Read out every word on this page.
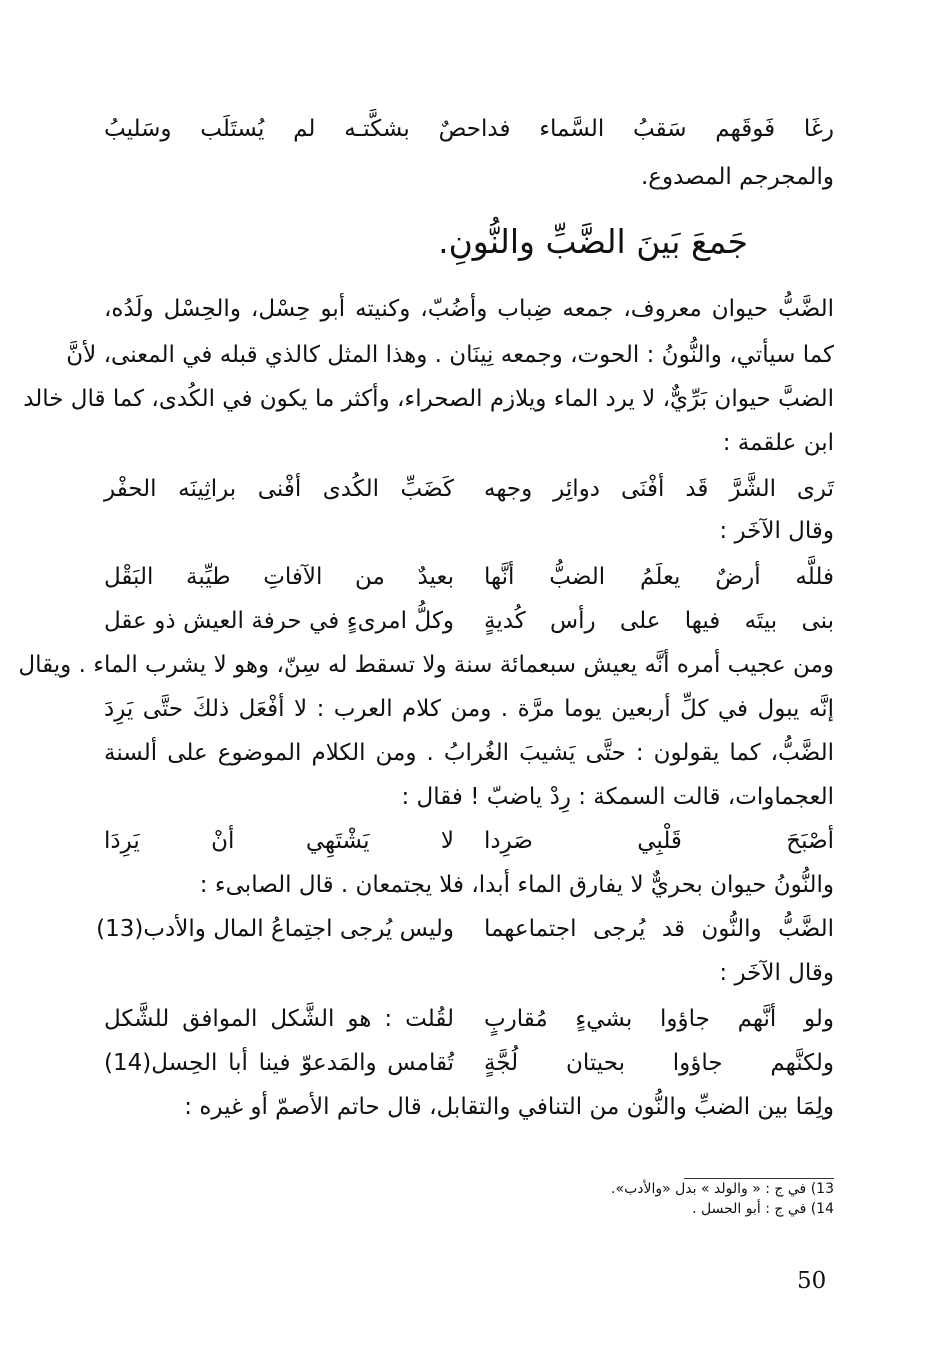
رغَا فَوقَهم سَقبُ السَّماء فداحصٌ بشكَّتـه لم يُستَلَب وسَليبُ
والمجرجم المصدوع.
جَمعَ بَينَ الضَّبِّ والنُّونِ.
الضَّبُّ حيوان معروف، جمعه ضِباب وأضُبّ، وكنيته أبو حِسْل، والحِسْل ولَدُه،
كما سيأتي، والنُّونُ : الحوت، وجمعه نِينَان . وهذا المثل كالذي قبله في المعنى، لأنَّ
الضبَّ حيوان بَرِّيٌّ، لا يرد الماء ويلازم الصحراء، وأكثر ما يكون في الكُدى، كما قال خالد
ابن علقمة :
تَرى الشَّرَّ قَد أفْنَى دوائِر وجهه
كَضَبِّ الكُدى أفْنى براثِينَه الحفْر
وقال الآخَر :
فللَّه أرضٌ يعلَمُ الضبُّ أنَّها
بعيدٌ من الآفاتِ طيِّبة البَقْل
بنى بيتَه فيها على رأس كُديةٍ
وكلُّ امرىءٍ في حرفة العيش ذو عقل
ومن عجيب أمره أنَّه يعيش سبعمائة سنة ولا تسقط له سِنّ، وهو لا يشرب الماء . ويقال
إنَّه يبول في كلِّ أربعين يوما مرَّة . ومن كلام العرب : لا أفْعَل ذلكَ حتَّى يَرِدَ
الضَّبُّ، كما يقولون : حتَّى يَشيبَ الغُرابُ . ومن الكلام الموضوع على ألسنة
العجماوات، قالت السمكة : رِدْ ياضبّ ! فقال :
أصْبَحَ قَلْبِي صَرِدا
لا يَشْتَهِي أنْ يَرِدَا
والنُّونُ حيوان بحريٌّ لا يفارق الماء أبدا، فلا يجتمعان . قال الصابىء :
الضَّبُّ والنُّون قد يُرجى اجتماعهما
وليس يُرجى اجتِماعُ المال والأدب(13)
وقال الآخَر :
ولو أنَّهم جاؤوا بشيءٍ مُقاربٍ
لقُلت : هو الشَّكل الموافق للشَّكل
ولكنَّهم جاؤوا بحيتان لُجَّةٍ
تُقامس والمَدعوّ فينا أبا الحِسل(14)
ولِمَا بين الضبِّ والنُّون من التنافي والتقابل، قال حاتم الأصمّ أو غيره :
13) في ج : « والولد » بدل «والأدب».
14) في ج : أبو الحسل .
50
